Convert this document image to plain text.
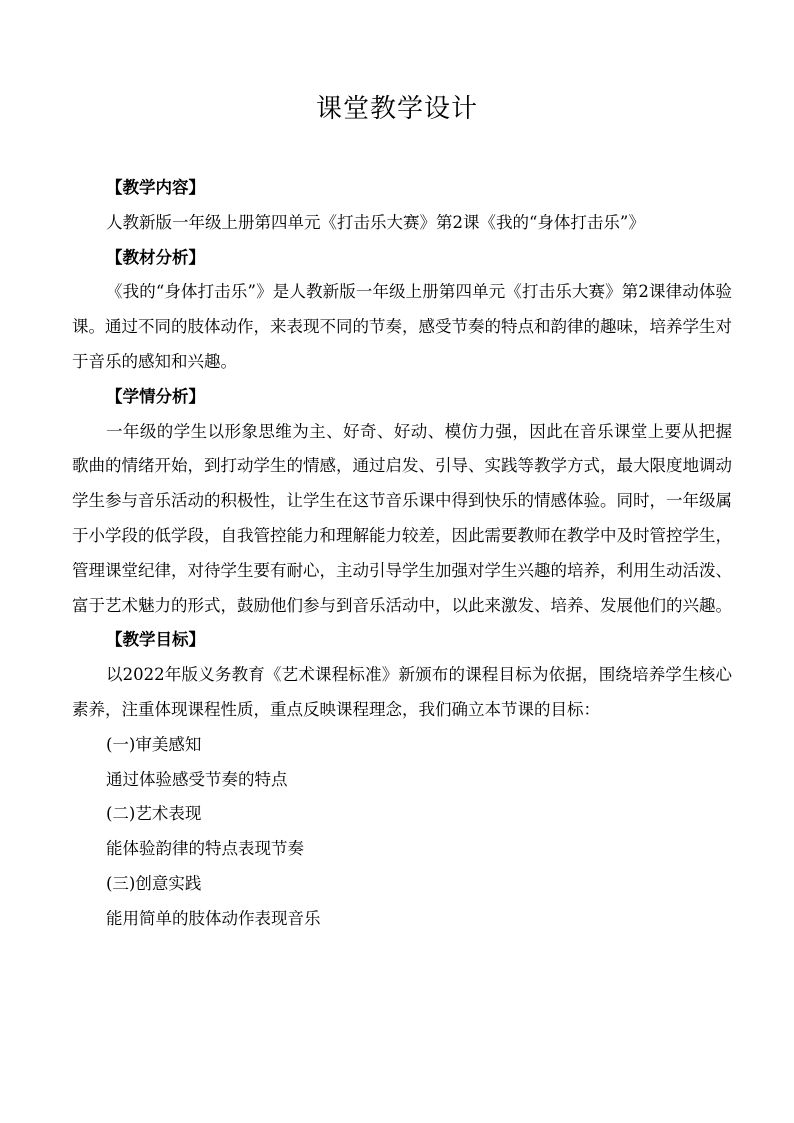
课堂教学设计

【教学内容】

人教新版一年级上册第四单元《打击乐大赛》第2课《我的“身体打击乐”》

【教材分析】

《我的“身体打击乐”》是人教新版一年级上册第四单元《打击乐大赛》第2课律动体验课。通过不同的肢体动作，来表现不同的节奏，感受节奏的特点和韵律的趣味，培养学生对于音乐的感知和兴趣。

【学情分析】

一年级的学生以形象思维为主、好奇、好动、模仿力强，因此在音乐课堂上要从把握歌曲的情绪开始，到打动学生的情感，通过启发、引导、实践等教学方式，最大限度地调动学生参与音乐活动的积极性，让学生在这节音乐课中得到快乐的情感体验。同时，一年级属于小学段的低学段，自我管控能力和理解能力较差，因此需要教师在教学中及时管控学生，管理课堂纪律，对待学生要有耐心，主动引导学生加强对学生兴趣的培养，利用生动活泼、富于艺术魅力的形式，鼓励他们参与到音乐活动中，以此来激发、培养、发展他们的兴趣。

【教学目标】

以2022年版义务教育《艺术课程标准》新颁布的课程目标为依据，围绕培养学生核心素养，注重体现课程性质，重点反映课程理念，我们确立本节课的目标：

(一)审美感知

通过体验感受节奏的特点

(二)艺术表现

能体验韵律的特点表现节奏

(三)创意实践

能用简单的肢体动作表现音乐
